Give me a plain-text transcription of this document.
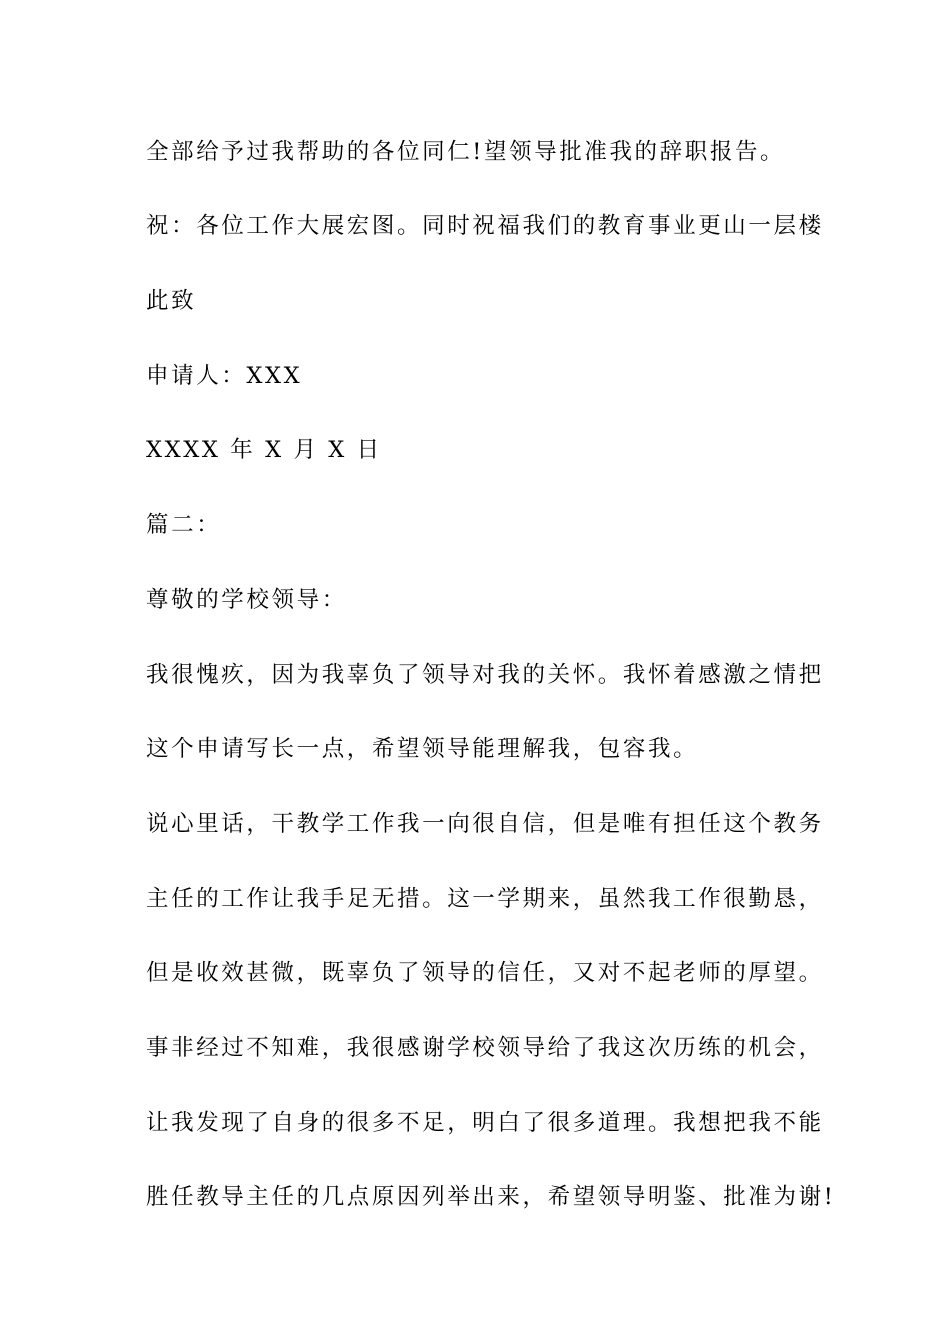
全部给予过我帮助的各位同仁!望领导批准我的辞职报告。
祝：各位工作大展宏图。同时祝福我们的教育事业更山一层楼
此致
申请人：XXX
XXXX 年 X 月 X 日
篇二：
尊敬的学校领导：
我很愧疚，因为我辜负了领导对我的关怀。我怀着感激之情把
这个申请写长一点，希望领导能理解我，包容我。
说心里话，干教学工作我一向很自信，但是唯有担任这个教务
主任的工作让我手足无措。这一学期来，虽然我工作很勤恳，
但是收效甚微，既辜负了领导的信任，又对不起老师的厚望。
事非经过不知难，我很感谢学校领导给了我这次历练的机会，
让我发现了自身的很多不足，明白了很多道理。我想把我不能
胜任教导主任的几点原因列举出来，希望领导明鉴、批准为谢!
